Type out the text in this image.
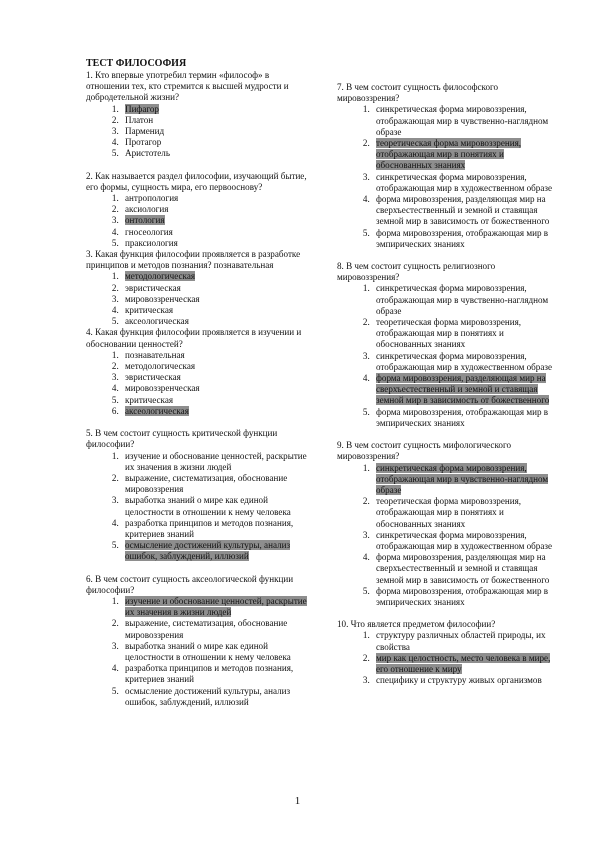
ТЕСТ ФИЛОСОФИЯ
1. Кто впервые употребил термин «философ» в отношении тех, кто стремится к высшей мудрости и добродетельной жизни?
1. Пифагор
2. Платон
3. Парменид
4. Протагор
5. Аристотель
2. Как называется раздел философии, изучающий бытие, его формы, сущность мира, его первооснову?
1. антропология
2. аксиология
3. онтология
4. гносеология
5. праксиология
3. Какая функция философии проявляется в разработке принципов и методов познания? познавательная
1. методологическая
2. эвристическая
3. мировоззренческая
4. критическая
5. аксеологическая
4. Какая функция философии проявляется в изучении и обосновании ценностей?
1. познавательная
2. методологическая
3. эвристическая
4. мировоззренческая
5. критическая
6. аксеологическая
5. В чем состоит сущность критической функции философии?
1. изучение и обоснование ценностей, раскрытие их значения в жизни людей
2. выражение, систематизация, обоснование мировоззрения
3. выработка знаний о мире как единой целостности в отношении к нему человека
4. разработка принципов и методов познания, критериев знаний
5. осмысление достижений культуры, анализ ошибок, заблуждений, иллюзий
6. В чем состоит сущность аксеологической функции философии?
1. изучение и обоснование ценностей, раскрытие их значения в жизни людей
2. выражение, систематизация, обоснование мировоззрения
3. выработка знаний о мире как единой целостности в отношении к нему человека
4. разработка принципов и методов познания, критериев знаний
5. осмысление достижений культуры, анализ ошибок, заблуждений, иллюзий
7. В чем состоит сущность философского мировоззрения?
1. синкретическая форма мировоззрения, отображающая мир в чувственно-наглядном образе
2. теоретическая форма мировоззрения, отображающая мир в понятиях и обоснованных знаниях
3. синкретическая форма мировоззрения, отображающая мир в художественном образе
4. форма мировоззрения, разделяющая мир на сверхъестественный и земной и ставящая земной мир в зависимость от божественного
5. форма мировоззрения, отображающая мир в эмпирических знаниях
8. В чем состоит сущность религиозного мировоззрения?
1. синкретическая форма мировоззрения, отображающая мир в чувственно-наглядном образе
2. теоретическая форма мировоззрения, отображающая мир в понятиях и обоснованных знаниях
3. синкретическая форма мировоззрения, отображающая мир в художественном образе
4. форма мировоззрения, разделяющая мир на сверхъестественный и земной и ставящая земной мир в зависимость от божественного
5. форма мировоззрения, отображающая мир в эмпирических знаниях
9. В чем состоит сущность мифологического мировоззрения?
1. синкретическая форма мировоззрения, отображающая мир в чувственно-наглядном образе
2. теоретическая форма мировоззрения, отображающая мир в понятиях и обоснованных знаниях
3. синкретическая форма мировоззрения, отображающая мир в художественном образе
4. форма мировоззрения, разделяющая мир на сверхъестественный и земной и ставящая земной мир в зависимость от божественного
5. форма мировоззрения, отображающая мир в эмпирических знаниях
10. Что является предметом философии?
1. структуру различных областей природы, их свойства
2. мир как целостность, место человека в мире, его отношение к миру
3. специфику и структуру живых организмов
1
